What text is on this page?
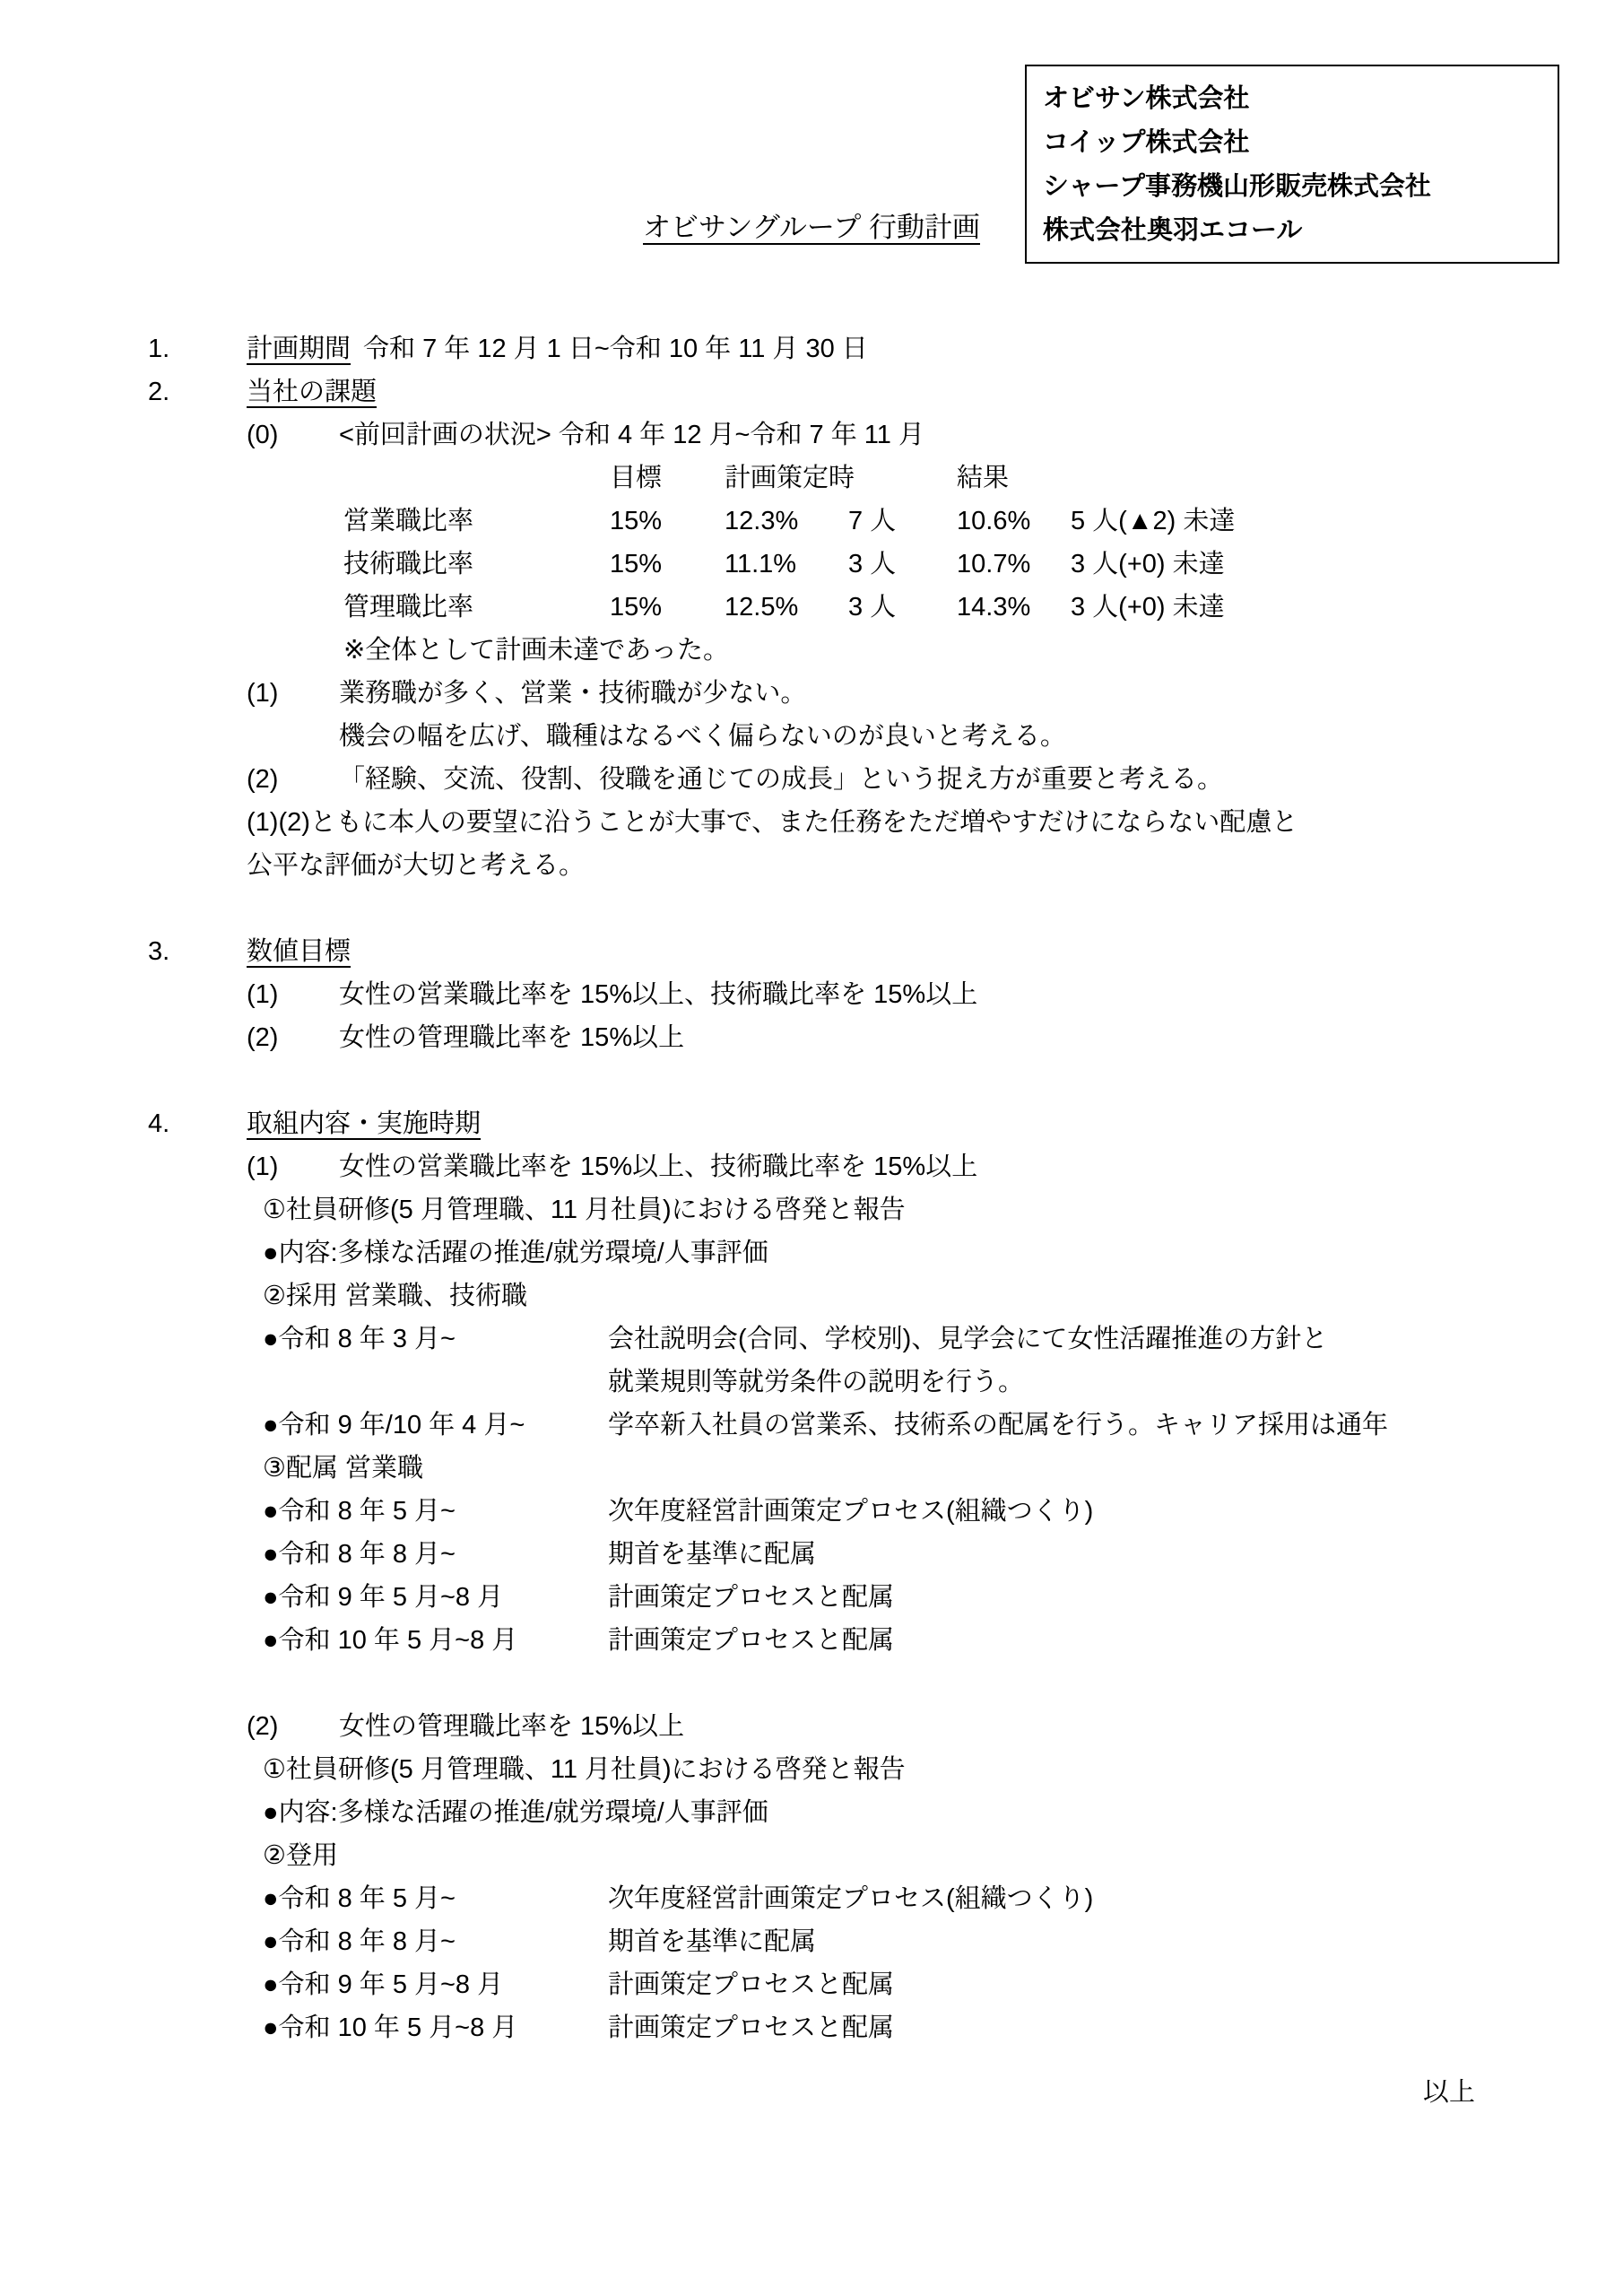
オビサン株式会社
コイップ株式会社
シャープ事務機山形販売株式会社
株式会社奥羽エコール
オビサングループ 行動計画
1.	計画期間 令和 7 年 12 月 1 日~令和 10 年 11 月 30 日
2.	当社の課題
(0)	<前回計画の状況> 令和 4 年 12 月~令和 7 年 11 月
目標	計画策定時	結果
営業職比率	15%	12.3%	7 人	10.6%	5 人(▲2) 未達
技術職比率	15%	11.1%	3 人	10.7%	3 人(+0) 未達
管理職比率	15%	12.5%	3 人	14.3%	3 人(+0) 未達
※全体として計画未達であった。
(1)	業務職が多く、営業・技術職が少ない。
機会の幅を広げ、職種はなるべく偏らないのが良いと考える。
(2)	「経験、交流、役割、役職を通じての成長」という捉え方が重要と考える。
(1)(2)ともに本人の要望に沿うことが大事で、また任務をただ増やすだけにならない配慮と
公平な評価が大切と考える。
3.	数値目標
(1)	女性の営業職比率を 15%以上、技術職比率を 15%以上
(2)	女性の管理職比率を 15%以上
4.	取組内容・実施時期
(1)	女性の営業職比率を 15%以上、技術職比率を 15%以上
①社員研修(5 月管理職、11 月社員)における啓発と報告
●内容:多様な活躍の推進/就労環境/人事評価
②採用 営業職、技術職
●令和 8 年 3 月~	会社説明会(合同、学校別)、見学会にて女性活躍推進の方針と
就業規則等就労条件の説明を行う。
●令和 9 年/10 年 4 月~	学卒新入社員の営業系、技術系の配属を行う。キャリア採用は通年
③配属 営業職
●令和 8 年 5 月~	次年度経営計画策定プロセス(組織つくり)
●令和 8 年 8 月~	期首を基準に配属
●令和 9 年 5 月~8 月	計画策定プロセスと配属
●令和 10 年 5 月~8 月	計画策定プロセスと配属
(2)	女性の管理職比率を 15%以上
①社員研修(5 月管理職、11 月社員)における啓発と報告
●内容:多様な活躍の推進/就労環境/人事評価
②登用
●令和 8 年 5 月~	次年度経営計画策定プロセス(組織つくり)
●令和 8 年 8 月~	期首を基準に配属
●令和 9 年 5 月~8 月	計画策定プロセスと配属
●令和 10 年 5 月~8 月	計画策定プロセスと配属
以上
